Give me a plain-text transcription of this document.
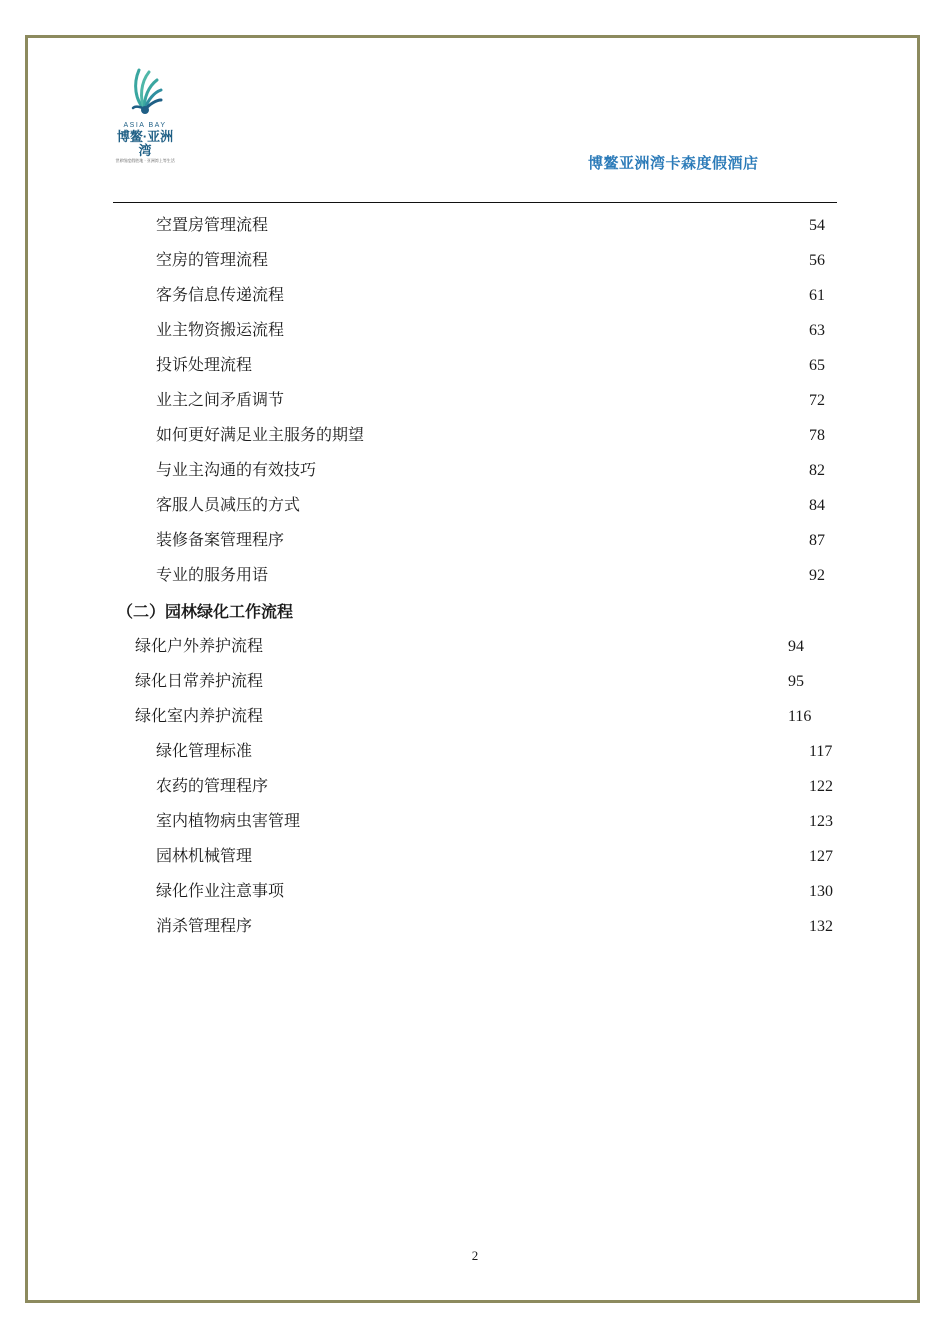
ASIA BAY
博鳌·亚洲湾
世界级度假胜地 · 亚洲湾上等生活	博鳌亚洲湾卡森度假酒店
空置房管理流程	54
空房的管理流程	56
客务信息传递流程	61
业主物资搬运流程	63
投诉处理流程	65
业主之间矛盾调节	72
如何更好满足业主服务的期望	78
与业主沟通的有效技巧	82
客服人员减压的方式	84
装修备案管理程序	87
专业的服务用语	92
（二）园林绿化工作流程
绿化户外养护流程	94
绿化日常养护流程	95
绿化室内养护流程	116
绿化管理标准	117
农药的管理程序	122
室内植物病虫害管理	123
园林机械管理	127
绿化作业注意事项	130
消杀管理程序	132
2
